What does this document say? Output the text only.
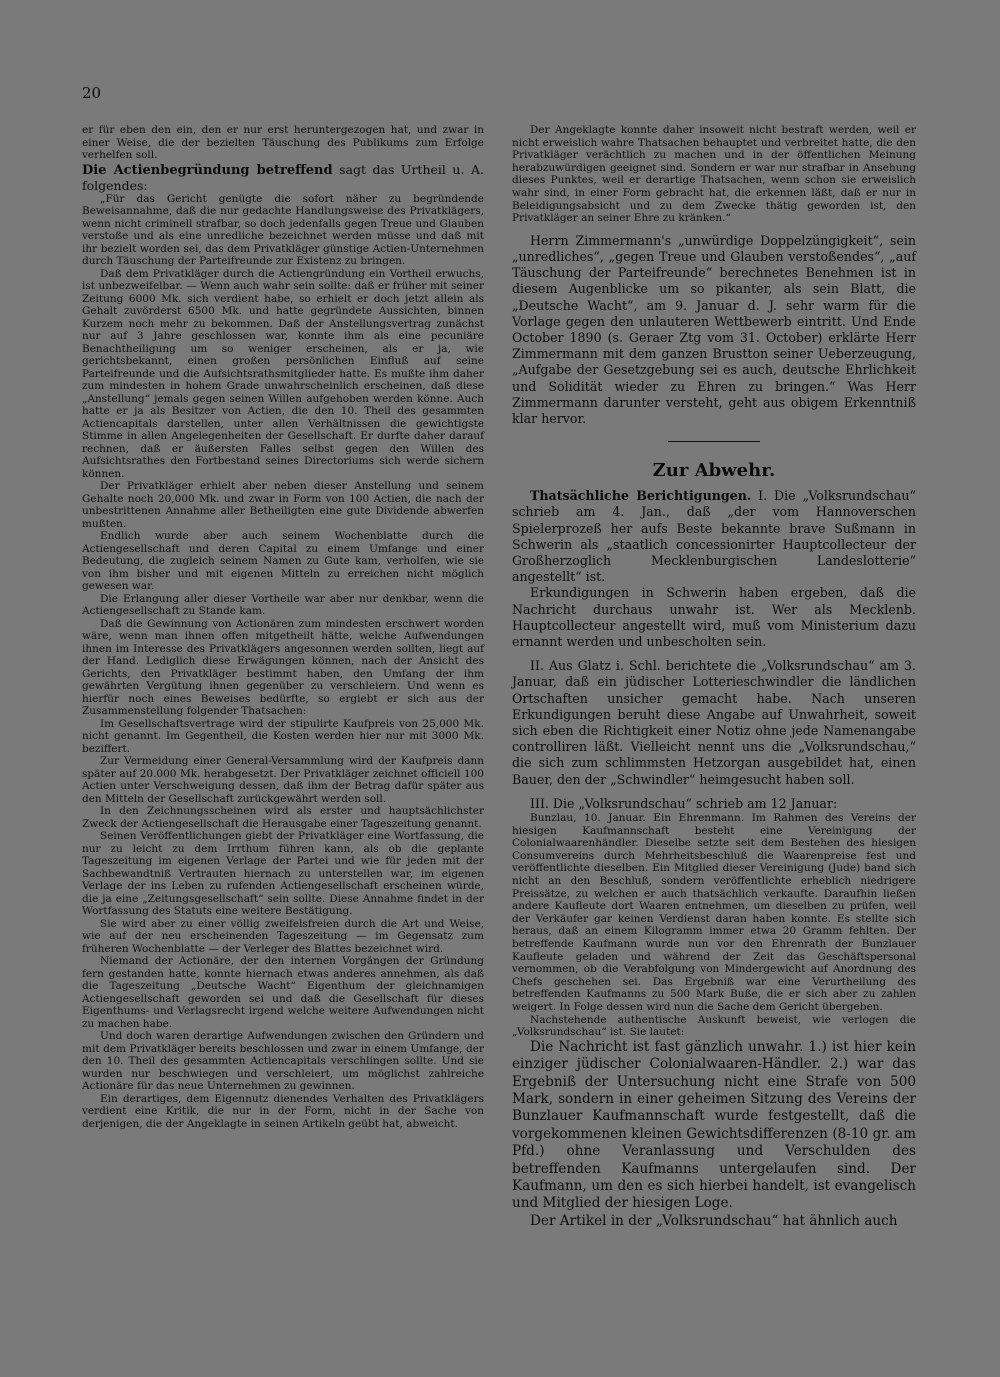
20

er für eben den ein, den er nur erst heruntergezogen hat, und zwar in einer Weise, die der bezielten Täuschung des Publikums zum Erfolge verhelfen soll.

Die Actienbegründung betreffend sagt das Urtheil u. A. folgendes:

„Für das Gericht genügte die sofort näher zu begründende Beweisannahme, daß die nur gedachte Handlungsweise des Privatklägers, wenn nicht criminell strafbar, so doch jedenfalls gegen Treue und Glauben verstoße und als eine unredliche bezeichnet werden müsse und daß mit ihr bezielt worden sei, das dem Privatkläger günstige Actien-Unternehmen durch Täuschung der Parteifreunde zur Existenz zu bringen.

Daß dem Privatkläger durch die Actiengründung ein Vortheil erwuchs, ist unbezweifelbar. — Wenn auch wahr sein sollte: daß er früher mit seiner Zeitung 6000 Mk. sich verdient habe, so erhielt er doch jetzt allein als Gehalt zuvörderst 6500 Mk. und hatte gegründete Aussichten, binnen Kurzem noch mehr zu bekommen. Daß der Anstellungsvertrag zunächst nur auf 3 Jahre geschlossen war, konnte ihm als eine pecuniäre Benachtheiligung um so weniger erscheinen, als er ja, wie gerichtsbekannt, einen großen persönlichen Einfluß auf seine Parteifreunde und die Aufsichtsrathsmitglieder hatte. Es mußte ihm daher zum mindesten in hohem Grade unwahrscheinlich erscheinen, daß diese „Anstellung“ jemals gegen seinen Willen aufgehoben werden könne. Auch hatte er ja als Besitzer von Actien, die den 10. Theil des gesammten Actiencapitals darstellen, unter allen Verhältnissen die gewichtigste Stimme in allen Angelegenheiten der Gesellschaft. Er durfte daher darauf rechnen, daß er äußersten Falles selbst gegen den Willen des Aufsichtsrathes den Fortbestand seines Directoriums sich werde sichern können.

Der Privatkläger erhielt aber neben dieser Anstellung und seinem Gehalte noch 20,000 Mk. und zwar in Form von 100 Actien, die nach der unbestrittenen Annahme aller Betheiligten eine gute Dividende abwerfen mußten.

Endlich wurde aber auch seinem Wochenblatte durch die Actiengesellschaft und deren Capital zu einem Umfange und einer Bedeutung, die zugleich seinem Namen zu Gute kam, verholfen, wie sie von ihm bisher und mit eigenen Mitteln zu erreichen nicht möglich gewesen war.

Die Erlangung aller dieser Vortheile war aber nur denkbar, wenn die Actiengesellschaft zu Stande kam.

Daß die Gewinnung von Actionären zum mindesten erschwert worden wäre, wenn man ihnen offen mitgetheilt hätte, welche Aufwendungen ihnen im Interesse des Privatklägers angesonnen werden sollten, liegt auf der Hand. Lediglich diese Erwägungen können, nach der Ansicht des Gerichts, den Privatkläger bestimmt haben, den Umfang der ihm gewährten Vergütung ihnen gegenüber zu verschleiern. Und wenn es hierfür noch eines Beweises bedürfte, so ergiebt er sich aus der Zusammenstellung folgender Thatsachen:

Im Gesellschaftsvertrage wird der stipulirte Kaufpreis von 25,000 Mk. nicht genannt. Im Gegentheil, die Kosten werden hier nur mit 3000 Mk. beziffert.

Zur Vermeidung einer General-Versammlung wird der Kaufpreis dann später auf 20.000 Mk. herabgesetzt. Der Privatkläger zeichnet officiell 100 Actien unter Verschweigung dessen, daß ihm der Betrag dafür später aus den Mitteln der Gesellschaft zurückgewährt werden soll.

In den Zeichnungsscheinen wird als erster und hauptsächlichster Zweck der Actiengesellschaft die Herausgabe einer Tageszeitung genannt.

Seinen Veröffentlichungen giebt der Privatkläger eine Wortfassung, die nur zu leicht zu dem Irrthum führen kann, als ob die geplante Tageszeitung im eigenen Verlage der Partei und wie für jeden mit der Sachbewandtniß Vertrauten hiernach zu unterstellen war, im eigenen Verlage der ins Leben zu rufenden Actiengesellschaft erscheinen würde, die ja eine „Zeitungsgesellschaft“ sein sollte. Diese Annahme findet in der Wortfassung des Statuts eine weitere Bestätigung.

Sie wird aber zu einer völlig zweifelsfreien durch die Art und Weise, wie auf der neu erscheinenden Tageszeitung — im Gegensatz zum früheren Wochenblatte — der Verleger des Blattes bezeichnet wird.

Niemand der Actionäre, der den internen Vorgängen der Gründung fern gestanden hatte, konnte hiernach etwas anderes annehmen, als daß die Tageszeitung „Deutsche Wacht“ Eigenthum der gleichnamigen Actiengesellschaft geworden sei und daß die Gesellschaft für dieses Eigenthums- und Verlagsrecht irgend welche weitere Aufwendungen nicht zu machen habe.

Und doch waren derartige Aufwendungen zwischen den Gründern und mit dem Privatkläger bereits beschlossen und zwar in einem Umfange, der den 10. Theil des gesammten Actiencapitals verschlingen sollte. Und sie wurden nur beschwiegen und verschleiert, um möglichst zahlreiche Actionäre für das neue Unternehmen zu gewinnen.

Ein derartiges, dem Eigennutz dienendes Verhalten des Privatklägers verdient eine Kritik, die nur in der Form, nicht in der Sache von derjenigen, die der Angeklagte in seinen Artikeln geübt hat, abweicht.

Der Angeklagte konnte daher insoweit nicht bestraft werden, weil er nicht erweislich wahre Thatsachen behauptet und verbreitet hatte, die den Privatkläger verächtlich zu machen und in der öffentlichen Meinung herabzuwürdigen geeignet sind. Sondern er war nur strafbar in Ansehung dieses Punktes, weil er derartige Thatsachen, wenn schon sie erweislich wahr sind, in einer Form gebracht hat, die erkennen läßt, daß er nur in Beleidigungsabsicht und zu dem Zwecke thätig geworden ist, den Privatkläger an seiner Ehre zu kränken.“

Herrn Zimmermann's „unwürdige Doppelzüngigkeit“, sein „unredliches“, „gegen Treue und Glauben verstoßendes“, „auf Täuschung der Parteifreunde“ berechnetes Benehmen ist in diesem Augenblicke um so pikanter, als sein Blatt, die „Deutsche Wacht“, am 9. Januar d. J. sehr warm für die Vorlage gegen den unlauteren Wettbewerb eintritt. Und Ende October 1890 (s. Geraer Ztg vom 31. October) erklärte Herr Zimmermann mit dem ganzen Brustton seiner Ueberzeugung, „Aufgabe der Gesetzgebung sei es auch, deutsche Ehrlichkeit und Solidität wieder zu Ehren zu bringen.“ Was Herr Zimmermann darunter versteht, geht aus obigem Erkenntniß klar hervor.

Zur Abwehr.

Thatsächliche Berichtigungen. I. Die „Volksrundschau“ schrieb am 4. Jan., daß „der vom Hannoverschen Spielerprozeß her aufs Beste bekannte brave Sußmann in Schwerin als „staatlich concessionirter Hauptcollecteur der Großherzoglich Mecklenburgischen Landeslotterie“ angestellt“ ist.

Erkundigungen in Schwerin haben ergeben, daß die Nachricht durchaus unwahr ist. Wer als Mecklenb. Hauptcollecteur angestellt wird, muß vom Ministerium dazu ernannt werden und unbescholten sein.

II. Aus Glatz i. Schl. berichtete die „Volksrundschau“ am 3. Januar, daß ein jüdischer Lotterieschwindler die ländlichen Ortschaften unsicher gemacht habe. Nach unseren Erkundigungen beruht diese Angabe auf Unwahrheit, soweit sich eben die Richtigkeit einer Notiz ohne jede Namenangabe controlliren läßt. Vielleicht nennt uns die „Volksrundschau,“ die sich zum schlimmsten Hetzorgan ausgebildet hat, einen Bauer, den der „Schwindler“ heimgesucht haben soll.

III. Die „Volksrundschau“ schrieb am 12 Januar:

Bunzlau, 10. Januar. Ein Ehrenmann. Im Rahmen des Vereins der hiesigen Kaufmannschaft besteht eine Vereinigung der Colonialwaarenhändler. Dieselbe setzte seit dem Bestehen des hiesigen Consumvereins durch Mehrheitsbeschluß die Waarenpreise fest und veröffentlichte dieselben. Ein Mitglied dieser Vereinigung (Jude) band sich nicht an den Beschluß, sondern veröffentlichte erheblich niedrigere Preissätze, zu welchen er auch thatsächlich verkaufte. Daraufhin ließen andere Kaufleute dort Waaren entnehmen, um dieselben zu prüfen, weil der Verkäufer gar keinen Verdienst daran haben konnte. Es stellte sich heraus, daß an einem Kilogramm immer etwa 20 Gramm fehlten. Der betreffende Kaufmann wurde nun vor den Ehrenrath der Bunzlauer Kaufleute geladen und während der Zeit das Geschäftspersonal vernommen, ob die Verabfolgung von Mindergewicht auf Anordnung des Chefs geschehen sei. Das Ergebniß war eine Verurtheilung des betreffenden Kaufmanns zu 500 Mark Buße, die er sich aber zu zahlen weigert. In Folge dessen wird nun die Sache dem Gericht übergeben.

Nachstehende authentische Auskunft beweist, wie verlogen die „Volksrundschau“ ist. Sie lautet:

Die Nachricht ist fast gänzlich unwahr. 1.) ist hier kein einziger jüdischer Colonialwaaren-Händler. 2.) war das Ergebniß der Untersuchung nicht eine Strafe von 500 Mark, sondern in einer geheimen Sitzung des Vereins der Bunzlauer Kaufmannschaft wurde festgestellt, daß die vorgekommenen kleinen Gewichtsdifferenzen (8-10 gr. am Pfd.) ohne Veranlassung und Verschulden des betreffenden Kaufmanns untergelaufen sind. Der Kaufmann, um den es sich hierbei handelt, ist evangelisch und Mitglied der hiesigen Loge.

Der Artikel in der „Volksrundschau“ hat ähnlich auch
